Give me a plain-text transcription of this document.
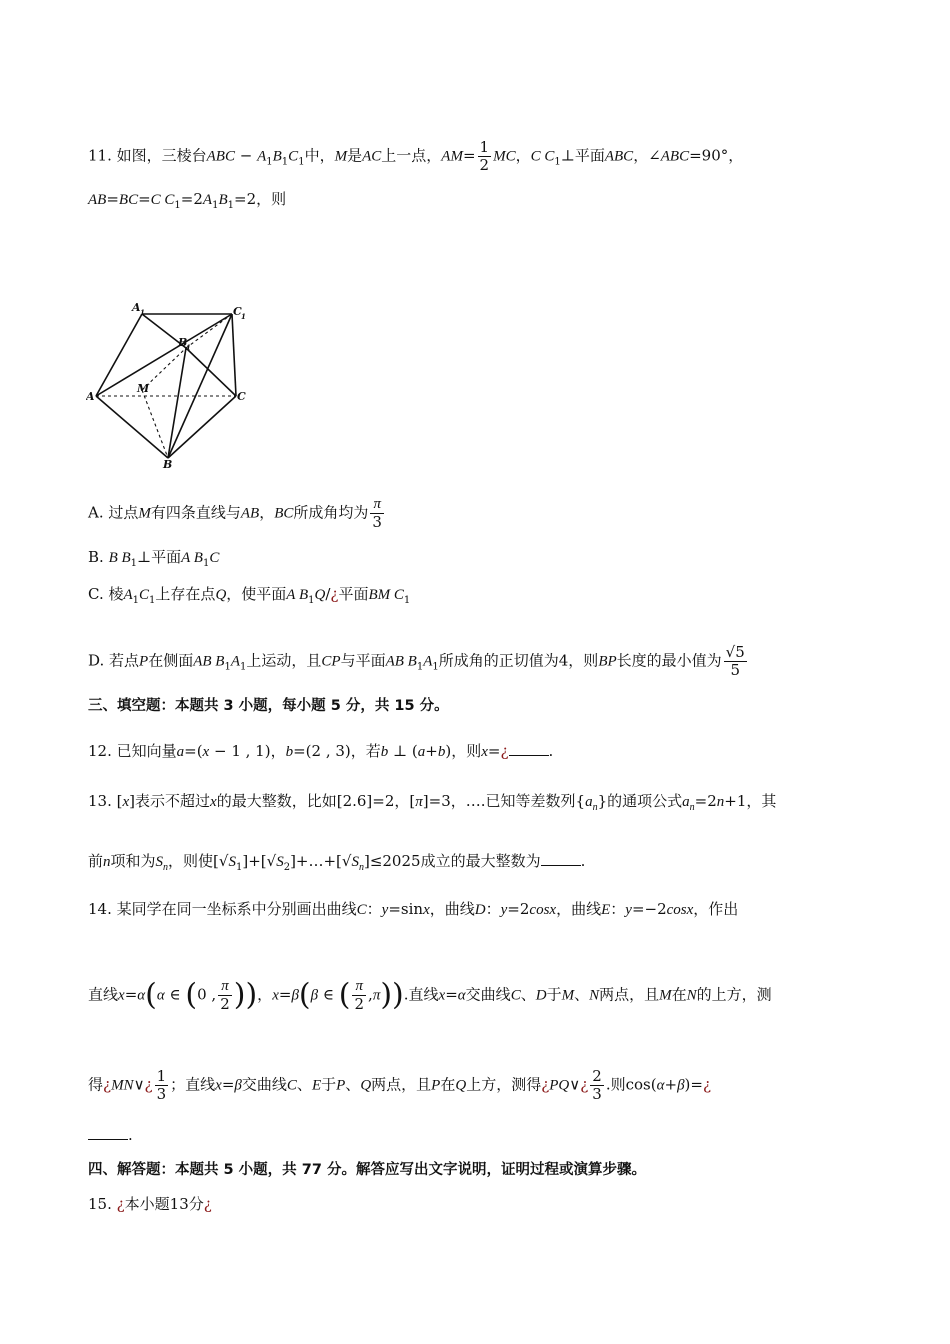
11. 如图，三棱台ABC − $A_1B_1C_1$中，M是AC上一点，$AM= \frac{1}{2}$ MC，C $C_1\perp$平面ABC，∠ABC=90°，
AB=BC=C $C_1=2A_1B_1=2$，则
A 1	C 1
B
1
A
M
C
B
A. 过点M有四条直线与AB，BC所成角均为 $\frac{\pi}{3}$
B. B $B_1\perp$平面A $B_1C$
C. 棱$A_1C_1$上存在点Q，使平面A $B_1Q/¿$平面BM $C_1$
D. 若点P在侧面AB $B_1A_1$上运动，且CP与平面AB $B_1A_1$所成角的正切值为4，则BP长度的最小值为 $\frac{√5}{5}$
三、填空题：本题共 3 小题，每小题 5 分，共 15 分。
12. 已知向量a=(x − 1 , 1)，b=(2 , 3)，若b ⊥ (a+b)，则x=¿	.
13. [x]表示不超过x的最大整数，比如[2.6]=2，[π]=3，….已知等差数列$\{a_n\}$的通项公式$a_n=2n+1$，其
前n项和为$S_n$，则使$[√S_1]+[√S_2]+\dots+[√S_n]\le 2025$成立的最大整数为	.
14. 某同学在同一坐标系中分别画出曲线C：y=sinx，曲线D：y=2cosx，曲线E：y=−2cosx，作出
直线x=α(α ∈ (0 , $\frac{\pi}{2}$ ))，x=β(β ∈ ( $\frac{\pi}{2} ,\pi$)).直线x=α交曲线C、D于M、N两点，且M在N的上方，测
得¿MN∨¿ $\frac{1}{3}$ ；直线x=β交曲线C、E于P、Q两点，且P在Q上方，测得¿PQ∨¿ $\frac{2}{3}$ .则cos(α+β)=¿
.
四、解答题：本题共 5 小题，共 77 分。解答应写出文字说明，证明过程或演算步骤。
15. ¿本小题13分¿
